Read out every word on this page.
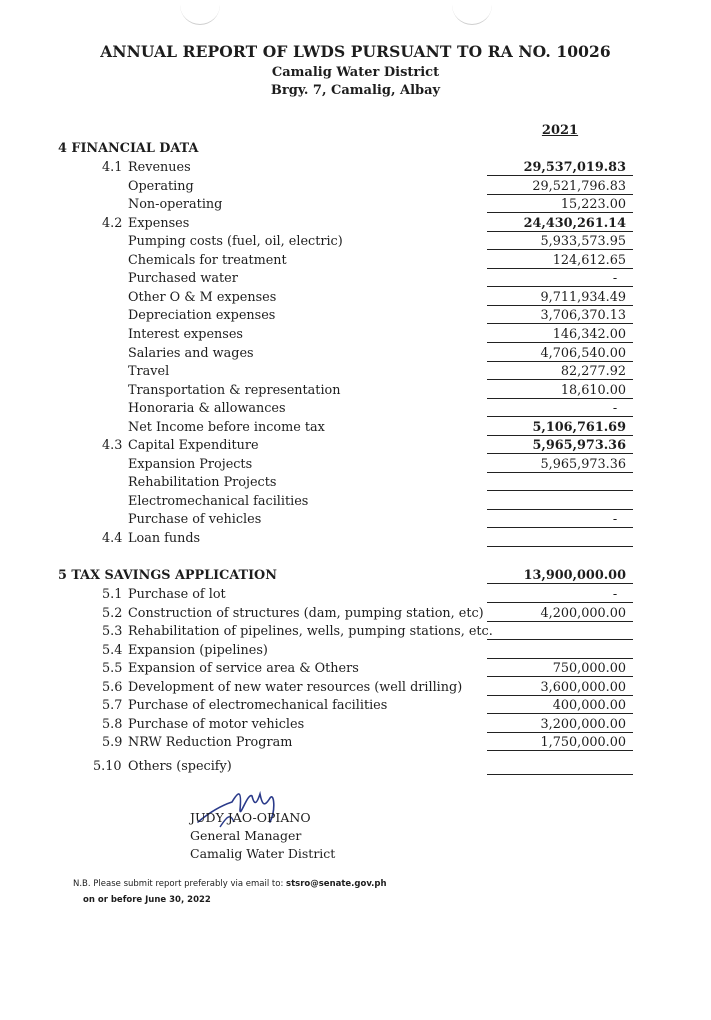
ANNUAL REPORT OF LWDS PURSUANT TO RA NO. 10026
Camalig Water District
Brgy. 7, Camalig, Albay
2021
4 FINANCIAL DATA
4.1 Revenues	29,537,019.83
Operating	29,521,796.83
Non-operating	15,223.00
4.2 Expenses	24,430,261.14
Pumping costs (fuel, oil, electric)	5,933,573.95
Chemicals for treatment	124,612.65
Purchased water	-
Other O & M expenses	9,711,934.49
Depreciation expenses	3,706,370.13
Interest expenses	146,342.00
Salaries and wages	4,706,540.00
Travel	82,277.92
Transportation & representation	18,610.00
Honoraria & allowances	-
Net Income before income tax	5,106,761.69
4.3 Capital Expenditure	5,965,973.36
Expansion Projects	5,965,973.36
Rehabilitation Projects
Electromechanical facilities
Purchase of vehicles	-
4.4 Loan funds
5 TAX SAVINGS APPLICATION	13,900,000.00
5.1 Purchase of lot	-
5.2 Construction of structures (dam, pumping station, etc)	4,200,000.00
5.3 Rehabilitation of pipelines, wells, pumping stations, etc.
5.4 Expansion (pipelines)
5.5 Expansion of service area & Others	750,000.00
5.6 Development of new water resources (well drilling)	3,600,000.00
5.7 Purchase of electromechanical facilities	400,000.00
5.8 Purchase of motor vehicles	3,200,000.00
5.9 NRW Reduction Program	1,750,000.00
5.10 Others (specify)
JUDY JAO-OPIANO
General Manager
Camalig Water District
N.B. Please submit report preferably via email to: stsro@senate.gov.ph
on or before June 30, 2022
